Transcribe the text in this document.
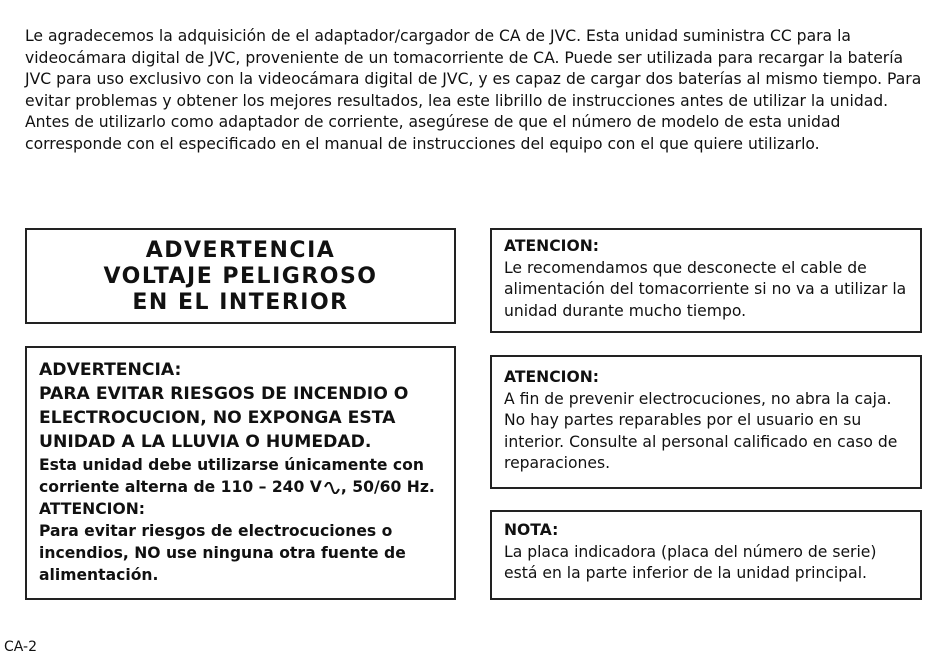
Le agradecemos la adquisición de el adaptador/cargador de CA de JVC. Esta unidad suministra CC para la videocámara digital de JVC, proveniente de un tomacorriente de CA. Puede ser utilizada para recargar la batería JVC para uso exclusivo con la videocámara digital de JVC, y es capaz de cargar dos baterías al mismo tiempo. Para evitar problemas y obtener los mejores resultados, lea este librillo de instrucciones antes de utilizar la unidad. Antes de utilizarlo como adaptador de corriente, asegúrese de que el número de modelo de esta unidad corresponde con el especificado en el manual de instrucciones del equipo con el que quiere utilizarlo.

ADVERTENCIA
VOLTAJE PELIGROSO
EN EL INTERIOR

ADVERTENCIA:

PARA EVITAR RIESGOS DE INCENDIO O ELECTROCUCION, NO EXPONGA ESTA UNIDAD A LA LLUVIA O HUMEDAD.

Esta unidad debe utilizarse únicamente con corriente alterna de 110 – 240 V , 50/60 Hz.

ATTENCION:

Para evitar riesgos de electrocuciones o incendios, NO use ninguna otra fuente de alimentación.

ATENCION:

Le recomendamos que desconecte el cable de alimentación del tomacorriente si no va a utilizar la unidad durante mucho tiempo.

ATENCION:

A fin de prevenir electrocuciones, no abra la caja. No hay partes reparables por el usuario en su interior. Consulte al personal calificado en caso de reparaciones.

NOTA:

La placa indicadora (placa del número de serie) está en la parte inferior de la unidad principal.

CA-2
